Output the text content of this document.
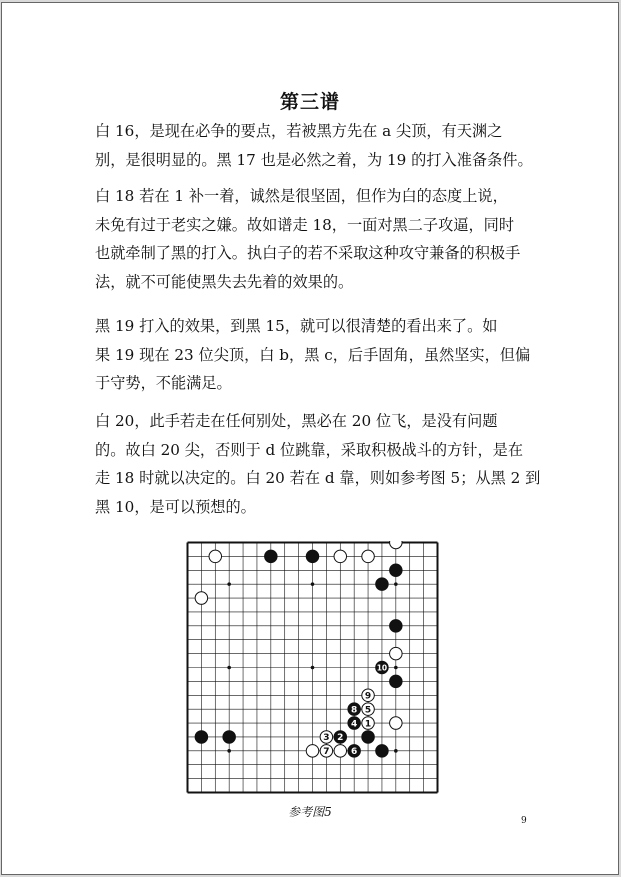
第三谱
白 16，是现在必争的要点，若被黑方先在 a 尖顶，有天渊之
别，是很明显的。黑 17 也是必然之着，为 19 的打入准备条件。
白 18 若在 1 补一着，诚然是很坚固，但作为白的态度上说，
未免有过于老实之嫌。故如谱走 18，一面对黑二子攻逼，同时
也就牵制了黑的打入。执白子的若不采取这种攻守兼备的积极手
法，就不可能使黑失去先着的效果的。
黑 19 打入的效果，到黑 15，就可以很清楚的看出来了。如
果 19 现在 23 位尖顶，白 b，黑 c，后手固角，虽然坚实，但偏
于守势，不能满足。
白 20，此手若走在任何别处，黑必在 20 位飞，是没有问题
的。故白 20 尖，否则于 d 位跳靠，采取积极战斗的方针，是在
走 18 时就以决定的。白 20 若在 d 靠，则如参考图 5；从黑 2 到
黑 10，是可以预想的。
10
9
8 5
4 1
3 2
7 6
参考图5
9
